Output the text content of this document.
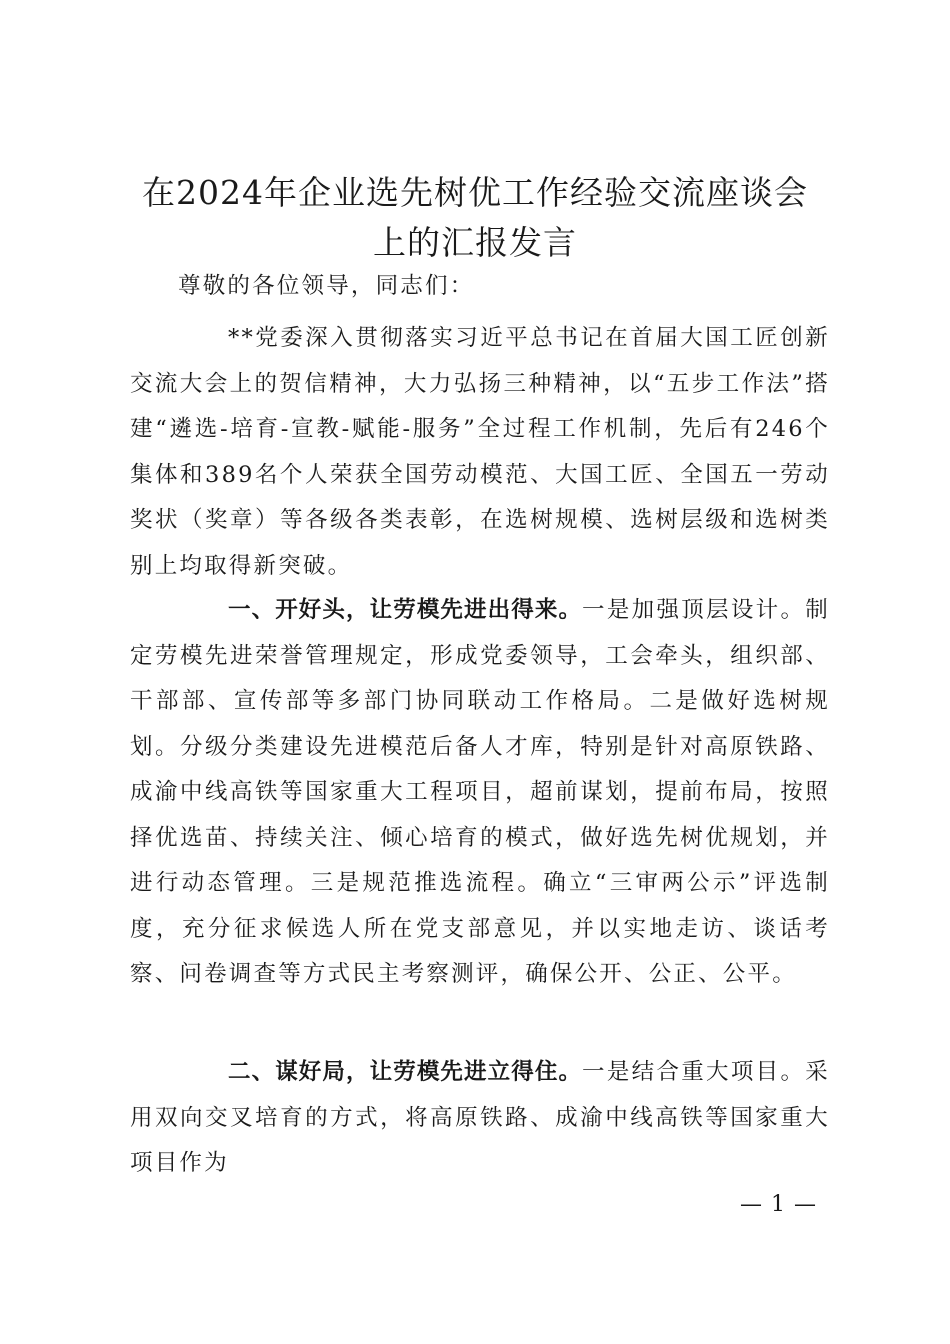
在2024年企业选先树优工作经验交流座谈会
上的汇报发言

尊敬的各位领导，同志们：

**党委深入贯彻落实习近平总书记在首届大国工匠创新交流大会上的贺信精神，大力弘扬三种精神，以“五步工作法”搭建“遴选-培育-宣教-赋能-服务”全过程工作机制，先后有246个集体和389名个人荣获全国劳动模范、大国工匠、全国五一劳动奖状（奖章）等各级各类表彰，在选树规模、选树层级和选树类别上均取得新突破。

一、开好头，让劳模先进出得来。一是加强顶层设计。制定劳模先进荣誉管理规定，形成党委领导，工会牵头，组织部、干部部、宣传部等多部门协同联动工作格局。二是做好选树规划。分级分类建设先进模范后备人才库，特别是针对高原铁路、成渝中线高铁等国家重大工程项目，超前谋划，提前布局，按照择优选苗、持续关注、倾心培育的模式，做好选先树优规划，并进行动态管理。三是规范推选流程。确立“三审两公示”评选制度，充分征求候选人所在党支部意见，并以实地走访、谈话考察、问卷调查等方式民主考察测评，确保公开、公正、公平。

二、谋好局，让劳模先进立得住。一是结合重大项目。采用双向交叉培育的方式，将高原铁路、成渝中线高铁等国家重大项目作为

— 1 —
